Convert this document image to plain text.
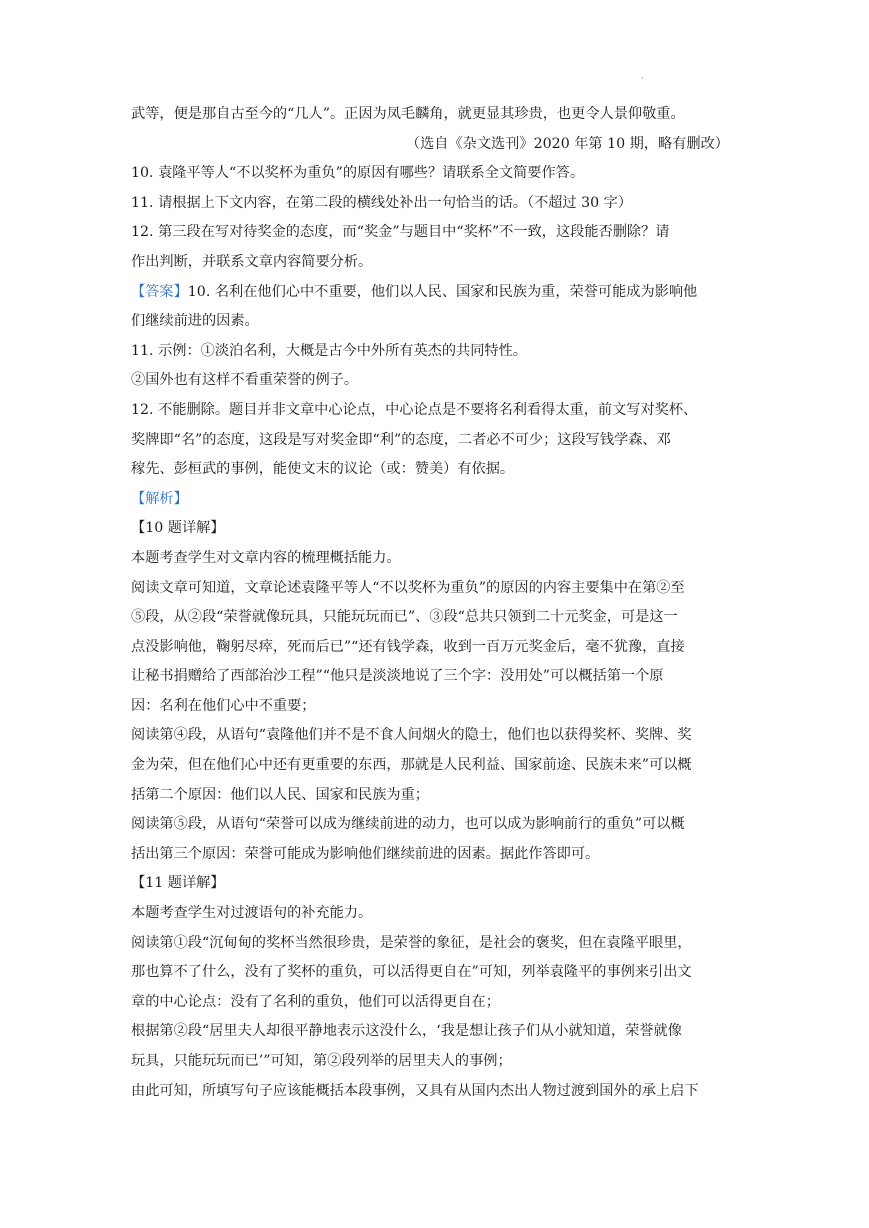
·
武等，便是那自古至今的“几人”。正因为凤毛麟角，就更显其珍贵，也更令人景仰敬重。
（选自《杂文选刊》2020 年第 10 期，略有删改）
10. 袁隆平等人“不以奖杯为重负”的原因有哪些？请联系全文简要作答。
11. 请根据上下文内容，在第二段的横线处补出一句恰当的话。（不超过 30 字）
12. 第三段在写对待奖金的态度，而“奖金”与题目中“奖杯”不一致，这段能否删除？请
作出判断，并联系文章内容简要分析。
【答案】10. 名利在他们心中不重要，他们以人民、国家和民族为重，荣誉可能成为影响他
们继续前进的因素。
11. 示例：①淡泊名利，大概是古今中外所有英杰的共同特性。
②国外也有这样不看重荣誉的例子。
12. 不能删除。题目并非文章中心论点，中心论点是不要将名利看得太重，前文写对奖杯、
奖牌即“名”的态度，这段是写对奖金即“利”的态度，二者必不可少；这段写钱学森、邓
稼先、彭桓武的事例，能使文末的议论（或：赞美）有依据。
【解析】
【10 题详解】
本题考查学生对文章内容的梳理概括能力。
阅读文章可知道，文章论述袁隆平等人“不以奖杯为重负”的原因的内容主要集中在第②至
⑤段，从②段“荣誉就像玩具，只能玩玩而已”、③段“总共只领到二十元奖金，可是这一
点没影响他，鞠躬尽瘁，死而后已”“还有钱学森，收到一百万元奖金后，毫不犹豫，直接
让秘书捐赠给了西部治沙工程”“他只是淡淡地说了三个字：没用处”可以概括第一个原
因：名利在他们心中不重要；
阅读第④段，从语句“袁隆他们并不是不食人间烟火的隐士，他们也以获得奖杯、奖牌、奖
金为荣，但在他们心中还有更重要的东西，那就是人民利益、国家前途、民族未来”可以概
括第二个原因：他们以人民、国家和民族为重；
阅读第⑤段，从语句“荣誉可以成为继续前进的动力，也可以成为影响前行的重负”可以概
括出第三个原因：荣誉可能成为影响他们继续前进的因素。据此作答即可。
【11 题详解】
本题考查学生对过渡语句的补充能力。
阅读第①段“沉甸甸的奖杯当然很珍贵，是荣誉的象征，是社会的褒奖，但在袁隆平眼里，
那也算不了什么，没有了奖杯的重负，可以活得更自在”可知，列举袁隆平的事例来引出文
章的中心论点：没有了名利的重负，他们可以活得更自在；
根据第②段“居里夫人却很平静地表示这没什么，‘我是想让孩子们从小就知道，荣誉就像
玩具，只能玩玩而已’”可知，第②段列举的居里夫人的事例；
由此可知，所填写句子应该能概括本段事例，又具有从国内杰出人物过渡到国外的承上启下
